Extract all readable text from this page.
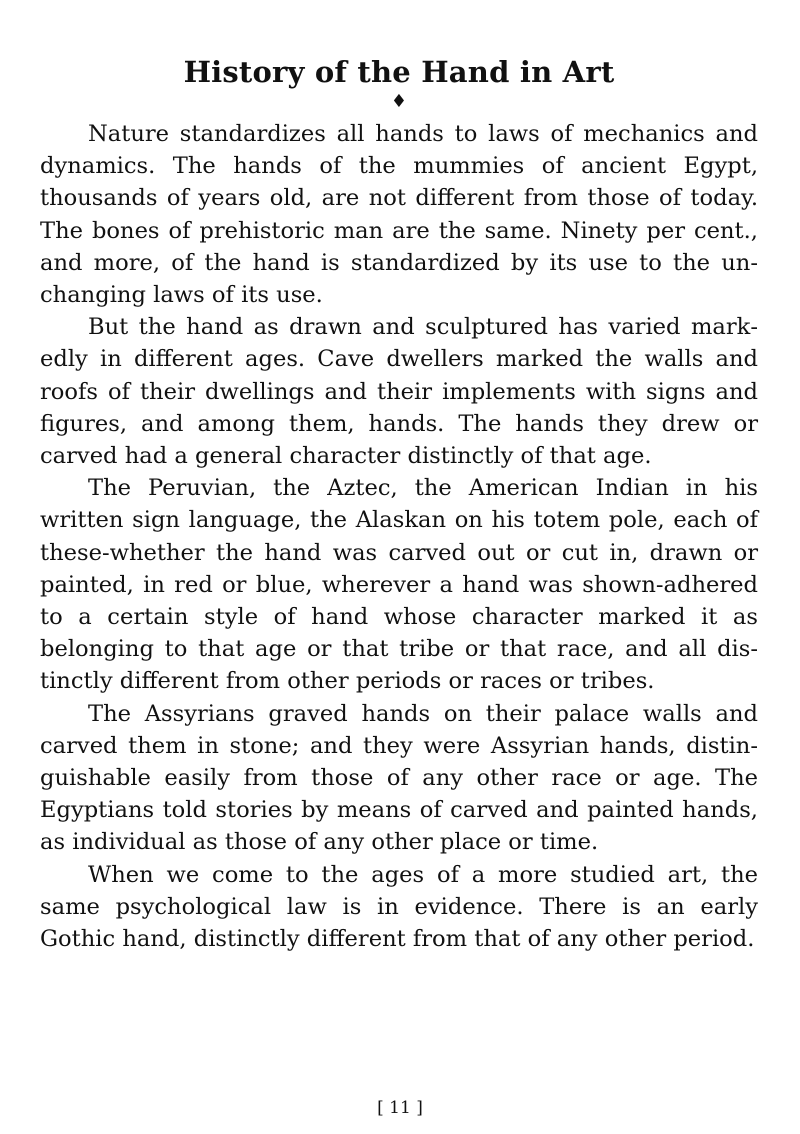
History of the Hand in Art
♦

Nature standardizes all hands to laws of mechanics and dynamics. The hands of the mummies of ancient Egypt, thousands of years old, are not different from those of today. The bones of prehistoric man are the same. Ninety per cent., and more, of the hand is standardized by its use to the unchanging laws of its use.

But the hand as drawn and sculptured has varied markedly in different ages. Cave dwellers marked the walls and roofs of their dwellings and their implements with signs and figures, and among them, hands. The hands they drew or carved had a general character distinctly of that age.

The Peruvian, the Aztec, the American Indian in his written sign language, the Alaskan on his totem pole, each of these-whether the hand was carved out or cut in, drawn or painted, in red or blue, wherever a hand was shown-adhered to a certain style of hand whose character marked it as belonging to that age or that tribe or that race, and all distinctly different from other periods or races or tribes.

The Assyrians graved hands on their palace walls and carved them in stone; and they were Assyrian hands, distinguishable easily from those of any other race or age. The Egyptians told stories by means of carved and painted hands, as individual as those of any other place or time.

When we come to the ages of a more studied art, the same psychological law is in evidence. There is an early Gothic hand, distinctly different from that of any other period.

[ 11 ]
